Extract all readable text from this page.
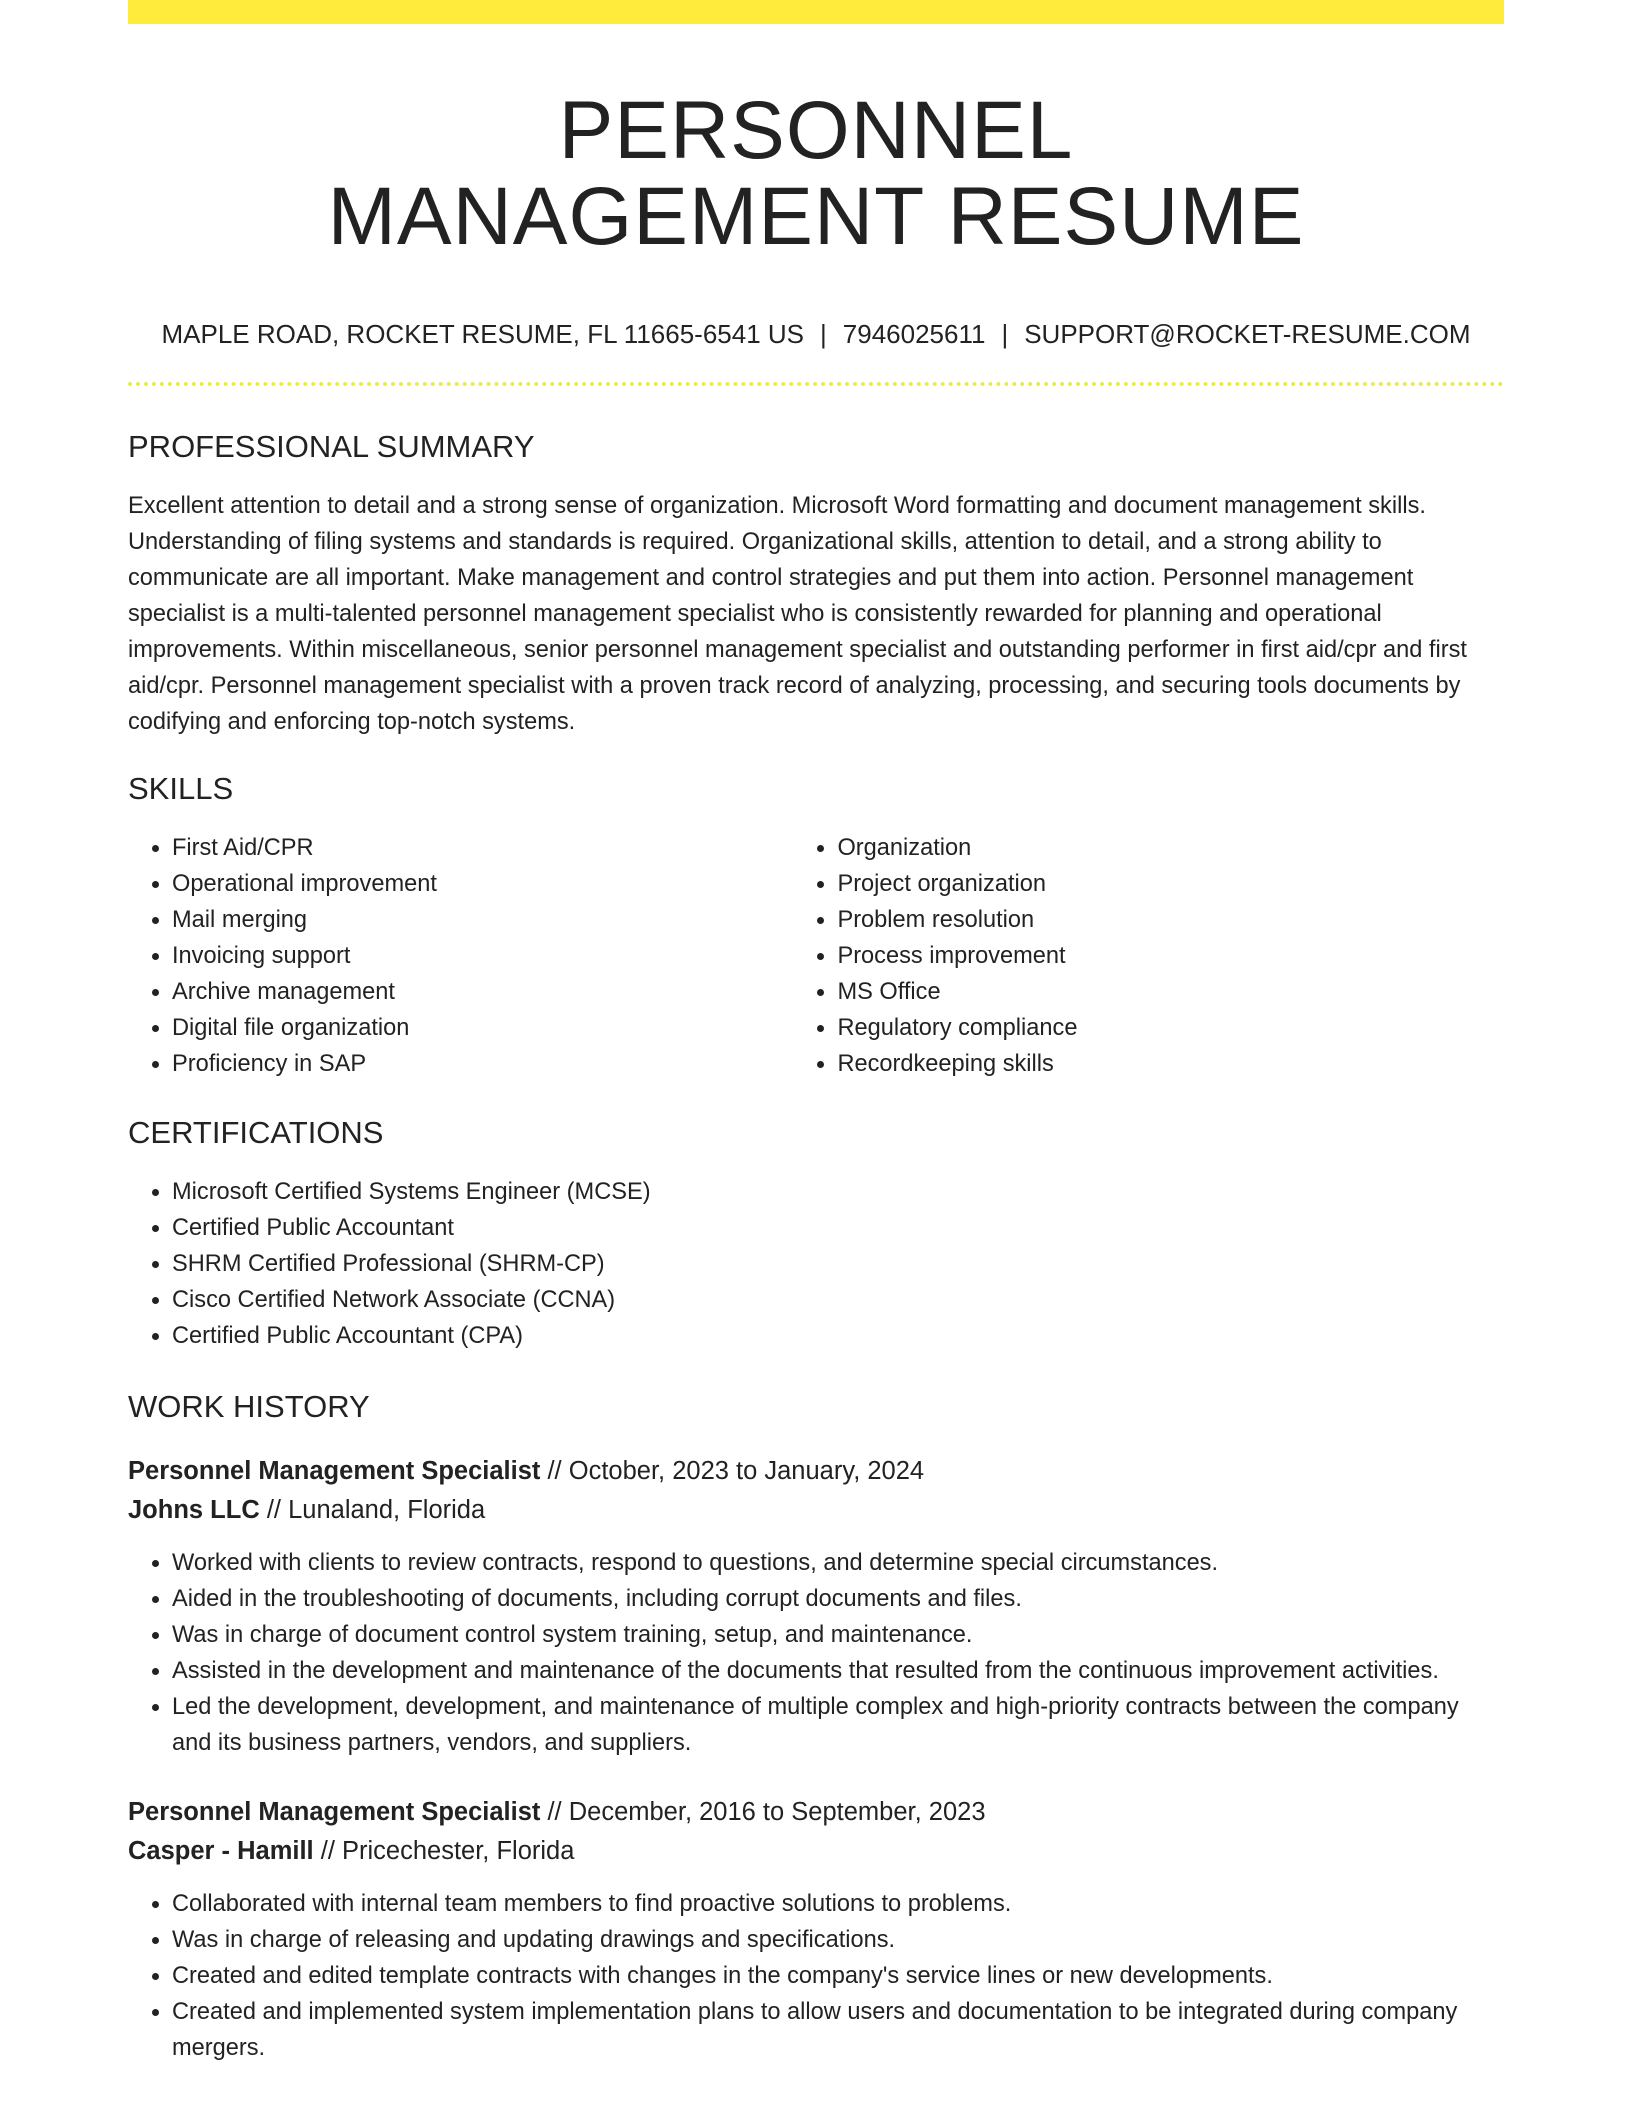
PERSONNEL
MANAGEMENT RESUME
MAPLE ROAD, ROCKET RESUME, FL 11665-6541 US | 7946025611 | SUPPORT@ROCKET-RESUME.COM
PROFESSIONAL SUMMARY

Excellent attention to detail and a strong sense of organization. Microsoft Word formatting and document management skills. Understanding of filing systems and standards is required. Organizational skills, attention to detail, and a strong ability to communicate are all important. Make management and control strategies and put them into action. Personnel management specialist is a multi-talented personnel management specialist who is consistently rewarded for planning and operational improvements. Within miscellaneous, senior personnel management specialist and outstanding performer in first aid/cpr and first aid/cpr. Personnel management specialist with a proven track record of analyzing, processing, and securing tools documents by codifying and enforcing top-notch systems.

SKILLS
• First Aid/CPR
• Operational improvement
• Mail merging
• Invoicing support
• Archive management
• Digital file organization
• Proficiency in SAP
• Organization
• Project organization
• Problem resolution
• Process improvement
• MS Office
• Regulatory compliance
• Recordkeeping skills
CERTIFICATIONS
• Microsoft Certified Systems Engineer (MCSE)
• Certified Public Accountant
• SHRM Certified Professional (SHRM-CP)
• Cisco Certified Network Associate (CCNA)
• Certified Public Accountant (CPA)
WORK HISTORY
Personnel Management Specialist // October, 2023 to January, 2024
Johns LLC // Lunaland, Florida
• Worked with clients to review contracts, respond to questions, and determine special circumstances.
• Aided in the troubleshooting of documents, including corrupt documents and files.
• Was in charge of document control system training, setup, and maintenance.
• Assisted in the development and maintenance of the documents that resulted from the continuous improvement activities.
• Led the development, development, and maintenance of multiple complex and high-priority contracts between the company and its business partners, vendors, and suppliers.
Personnel Management Specialist // December, 2016 to September, 2023
Casper - Hamill // Pricechester, Florida
• Collaborated with internal team members to find proactive solutions to problems.
• Was in charge of releasing and updating drawings and specifications.
• Created and edited template contracts with changes in the company's service lines or new developments.
• Created and implemented system implementation plans to allow users and documentation to be integrated during company mergers.
